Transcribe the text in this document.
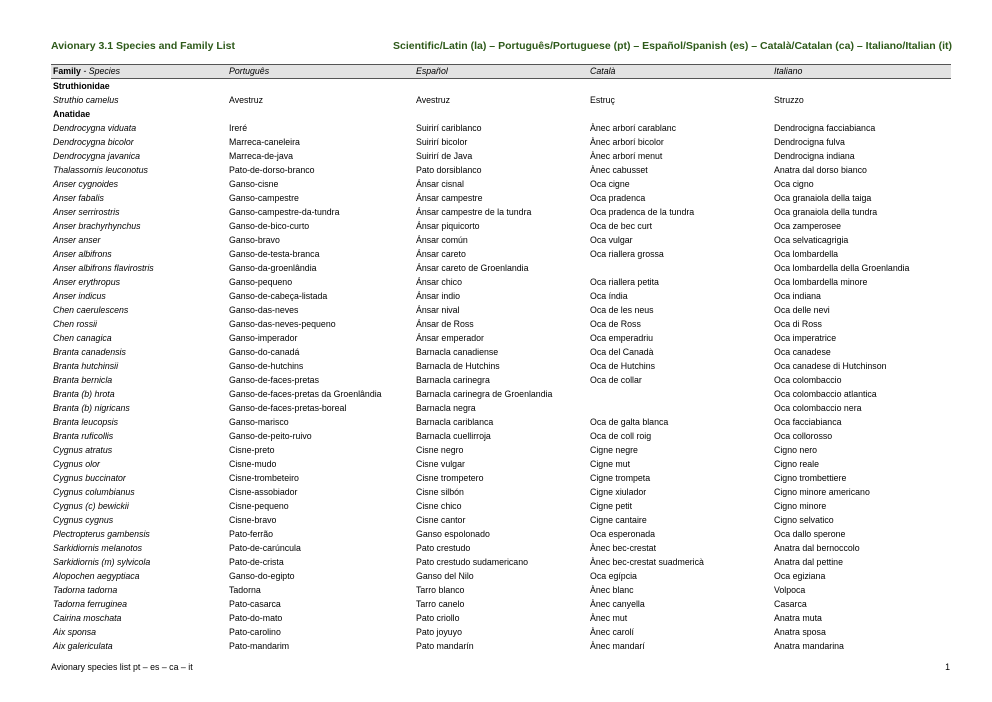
Avionary 3.1 Species and Family List	Scientific/Latin (la) – Português/Portuguese (pt) – Español/Spanish (es) – Català/Catalan (ca) – Italiano/Italian (it)
Family - Species	Português	Español	Català	Italiano
Struthionidae				
Struthio camelus	Avestruz	Avestruz	Estruç	Struzzo
Anatidae				
Dendrocygna viduata	Ireré	Suirirí cariblanco	Ànec arborí carablanc	Dendrocigna facciabianca
Dendrocygna bicolor	Marreca-caneleira	Suirirí bicolor	Ànec arborí bicolor	Dendrocigna fulva
Dendrocygna javanica	Marreca-de-java	Suirirí de Java	Ànec arborí menut	Dendrocigna indiana
Thalassornis leuconotus	Pato-de-dorso-branco	Pato dorsiblanco	Ànec cabusset	Anatra dal dorso bianco
Anser cygnoides	Ganso-cisne	Ánsar cisnal	Oca cigne	Oca cigno
Anser fabalis	Ganso-campestre	Ánsar campestre	Oca pradenca	Oca granaiola della taiga
Anser serrirostris	Ganso-campestre-da-tundra	Ánsar campestre de la tundra	Oca pradenca de la tundra	Oca granaiola della tundra
Anser brachyrhynchus	Ganso-de-bico-curto	Ánsar piquicorto	Oca de bec curt	Oca zamperosee
Anser anser	Ganso-bravo	Ánsar común	Oca vulgar	Oca selvaticagrigia
Anser albifrons	Ganso-de-testa-branca	Ánsar careto	Oca riallera grossa	Oca lombardella
Anser albifrons flavirostris	Ganso-da-groenlândia	Ánsar careto de Groenlandia		Oca lombardella della Groenlandia
Anser erythropus	Ganso-pequeno	Ánsar chico	Oca riallera petita	Oca lombardella minore
Anser indicus	Ganso-de-cabeça-listada	Ánsar indio	Oca índia	Oca indiana
Chen caerulescens	Ganso-das-neves	Ánsar nival	Oca de les neus	Oca delle nevi
Chen rossii	Ganso-das-neves-pequeno	Ánsar de Ross	Oca de Ross	Oca di Ross
Chen canagica	Ganso-imperador	Ánsar emperador	Oca emperadriu	Oca imperatrice
Branta canadensis	Ganso-do-canadá	Barnacla canadiense	Oca del Canadà	Oca canadese
Branta hutchinsii	Ganso-de-hutchins	Barnacla de Hutchins	Oca de Hutchins	Oca canadese di Hutchinson
Branta bernicla	Ganso-de-faces-pretas	Barnacla carinegra	Oca de collar	Oca colombaccio
Branta (b) hrota	Ganso-de-faces-pretas da Groenlândia	Barnacla carinegra de Groenlandia		Oca colombaccio atlantica
Branta (b) nigricans	Ganso-de-faces-pretas-boreal	Barnacla negra		Oca colombaccio nera
Branta leucopsis	Ganso-marisco	Barnacla cariblanca	Oca de galta blanca	Oca facciabianca
Branta ruficollis	Ganso-de-peito-ruivo	Barnacla cuellirroja	Oca de coll roig	Oca collorosso
Cygnus atratus	Cisne-preto	Cisne negro	Cigne negre	Cigno nero
Cygnus olor	Cisne-mudo	Cisne vulgar	Cigne mut	Cigno reale
Cygnus buccinator	Cisne-trombeteiro	Cisne trompetero	Cigne trompeta	Cigno trombettiere
Cygnus columbianus	Cisne-assobiador	Cisne silbón	Cigne xiulador	Cigno minore americano
Cygnus (c) bewickii	Cisne-pequeno	Cisne chico	Cigne petit	Cigno minore
Cygnus cygnus	Cisne-bravo	Cisne cantor	Cigne cantaire	Cigno selvatico
Plectropterus gambensis	Pato-ferrão	Ganso espolonado	Oca esperonada	Oca dallo sperone
Sarkidiornis melanotos	Pato-de-carúncula	Pato crestudo	Ànec bec-crestat	Anatra dal bernoccolo
Sarkidiornis (m) sylvicola	Pato-de-crista	Pato crestudo sudamericano	Ànec bec-crestat suadmericà	Anatra dal pettine
Alopochen aegyptiaca	Ganso-do-egipto	Ganso del Nilo	Oca egípcia	Oca egiziana
Tadorna tadorna	Tadorna	Tarro blanco	Ànec blanc	Volpoca
Tadorna ferruginea	Pato-casarca	Tarro canelo	Ànec canyella	Casarca
Cairina moschata	Pato-do-mato	Pato criollo	Ànec mut	Anatra muta
Aix sponsa	Pato-carolino	Pato joyuyo	Ànec carolí	Anatra sposa
Aix galericulata	Pato-mandarim	Pato mandarín	Ànec mandarí	Anatra mandarina
Avionary species list pt – es – ca – it	1
